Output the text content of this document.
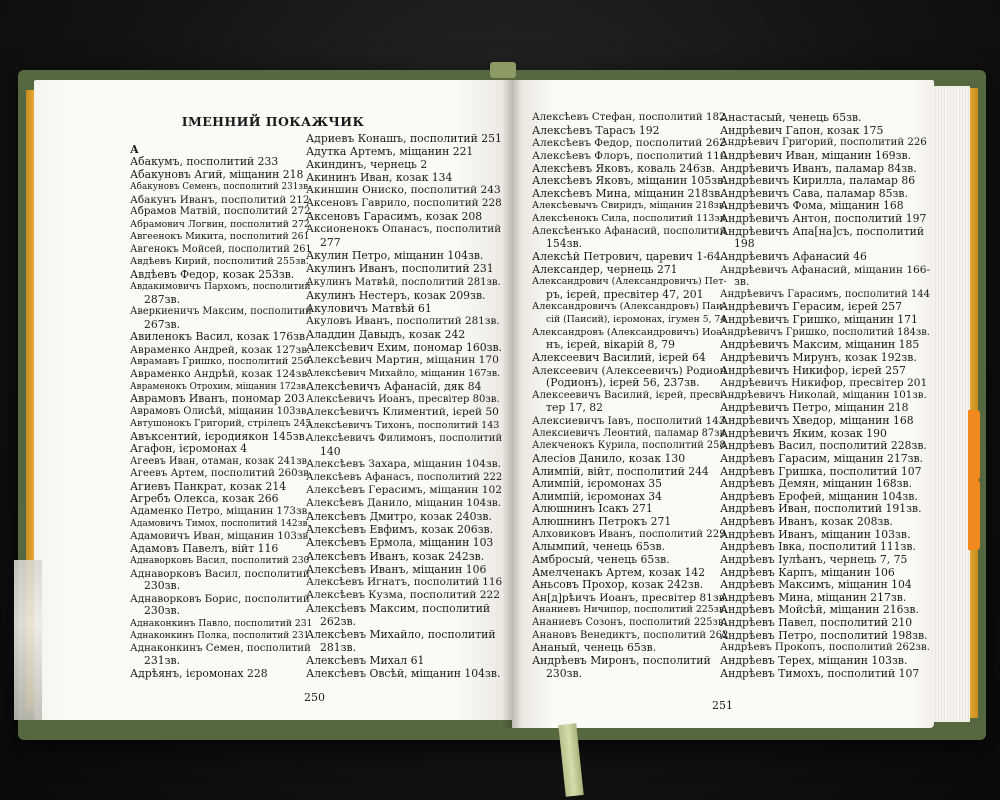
ІМЕННИЙ ПОКАЖЧИК
А
Абакумъ, посполитий 233
Абакуновъ Агий, міщанин 218
Абакуновъ Семенъ, посполитий 231зв.
Абакунъ Иванъ, посполитий 212
Абрамов Матвій, посполитий 272
Абрамович Логвин, посполитий 272
Авгеенокъ Микита, посполитий 261
Авгенокъ Мойсей, посполитий 261
Авдѣевъ Кирий, посполитий 255зв.
Авдѣевъ Федор, козак 253зв.
Авдакимовичъ Пархомъ, посполитий
287зв.
Аверкиеничъ Максим, посполитий
267зв.
Авиленокъ Васил, козак 176зв.
Авраменко Андрей, козак 127зв.
Аврамавъ Гришко, посполитий 256
Авраменко Андрѣй, козак 124зв.
Авраменокъ Отрохим, міщанин 172зв.
Аврамовъ Иванъ, пономар 203
Аврамовъ Олисѣй, міщанин 103зв.
Автушонокъ Григорий, стрілецъ 245
Авъксентий, ієродиякон 145зв.
Агафон, ієромонах 4
Агеевъ Иван, отаман, козак 241зв.
Агеевъ Артем, посполитий 260зв.
Агиевъ Панкрат, козак 214
Агребъ Олекса, козак 266
Адаменко Петро, міщанин 173зв.
Адамовичъ Тимох, посполитий 142зв.
Адамовичъ Иван, міщанин 103зв.
Адамовъ Павелъ, війт 116
Аднаворковъ Васил, посполитий 230
Аднаворковъ Васил, посполитий
230зв.
Аднаворковъ Борис, посполитий
230зв.
Аднаконкинъ Павло, посполитий 231
Аднаконкинъ Полка, посполитий 231
Аднаконкинъ Семен, посполитий
231зв.
Адрѣянъ, ієромонах 228
Адриевъ Конашъ, посполитий 251
Адутка Артемъ, міщанин 221
Акиндинъ, чернець 2
Акининъ Иван, козак 134
Акиншин Ониско, посполитий 243
Аксеновъ Гаврило, посполитий 228
Аксеновъ Гарасимъ, козак 208
Аксионенокъ Опанасъ, посполитий
277
Акулин Петро, міщанин 104зв.
Акулинъ Иванъ, посполитий 231
Акулинъ Матвѣй, посполитий 281зв.
Акулинъ Нестеръ, козак 209зв.
Акуловичъ Матвѣй 61
Акуловъ Иванъ, посполитий 281зв.
Аладдин Давыдъ, козак 242
Алексѣевич Ехим, пономар 160зв.
Алексѣевич Мартин, міщанин 170
Алексѣевич Михайло, міщанин 167зв.
Алексѣевичъ Афанасій, дяк 84
Алексѣевичъ Иоанъ, пресвітер 80зв.
Алексѣевичъ Климентий, ієрей 50
Алексѣевичъ Тихонъ, посполитий 143
Алексѣевичъ Филимонъ, посполитий
140
Алексѣевъ Захара, міщанин 104зв.
Алексѣевъ Афанасъ, посполитий 222
Алексѣевъ Герасимъ, міщанин 102
Алексѣевъ Данило, міщанин 104зв.
Алексѣевъ Дмитро, козак 240зв.
Алексѣевъ Евфимъ, козак 206зв.
Алексѣевъ Ермола, міщанин 103
Алексѣевъ Иванъ, козак 242зв.
Алексѣевъ Иванъ, міщанин 106
Алексѣевъ Игнатъ, посполитий 116
Алексѣевъ Кузма, посполитий 222
Алексѣевъ Максим, посполитий
262зв.
Алексѣевъ Михайло, посполитий
281зв.
Алексѣевъ Михал 61
Алексѣевъ Овсѣй, міщанин 104зв.
250
Алексѣевъ Стефан, посполитий 182
Алексѣевъ Тарасъ 192
Алексѣевъ Федор, посполитий 262
Алексѣевъ Флоръ, посполитий 110
Алексѣевъ Яковъ, коваль 246зв.
Алексѣевъ Яковъ, міщанин 105зв.
Алексѣевъ Мина, міщанин 218зв.
Алексѣевычъ Свиридъ, міщанин 218зв.
Алексѣенокъ Сила, посполитий 113зв.
Алексѣенъко Афанасий, посполитий
154зв.
Алексѣй Петрович, царевич 1-64
Александер, чернець 271
Александрович (Александровичъ) Пет-
ръ, ієрей, пресвітер 47, 201
Александровичъ (Александровъ) Паи-
сій (Паисий), ієромонах, ігумен 5, 74
Александровъ (Александровичъ) Иоа-
нъ, ієрей, вікарій 8, 79
Алексеевич Василий, ієрей 64
Алексеевич (Алексеевичъ) Родион
(Родионъ), ієрей 56, 237зв.
Алексеевичъ Василий, ієрей, пресві-
тер 17, 82
Алексиевичъ Іавъ, посполитий 143
Алексиевичъ Леонтий, паламар 87зв.
Алекченокъ Курила, посполитий 258
Алесіов Данило, козак 130
Алимпій, війт, посполитий 244
Алимпій, ієромонах 35
Алимпій, ієромонах 34
Алюшнинъ Ісакъ 271
Алюшнинъ Петрокъ 271
Алховиковъ Иванъ, посполитий 229
Алымпий, ченець 65зв.
Амбросый, ченець 65зв.
Амелченакъ Артем, козак 142
Аньсовъ Прохор, козак 242зв.
Ан[д]рѣичъ Иоанъ, пресвітер 81зв.
Ананиевъ Ничипор, посполитий 225зв.
Ананиевъ Созонъ, посполитий 225зв.
Анановъ Венедиктъ, посполитий 262
Ананый, ченець 65зв.
Андрѣевъ Миронъ, посполитий
230зв.
Анастасый, ченець 65зв.
Андрѣевич Гапон, козак 175
Андрѣевич Григорий, посполитий 226
Андрѣевич Иван, міщанин 169зв.
Андрѣевичъ Иванъ, паламар 84зв.
Андрѣевичъ Кирилла, паламар 86
Андрѣевичъ Сава, паламар 85зв.
Андрѣевичъ Фома, міщанин 168
Андрѣевичъ Антон, посполитий 197
Андрѣевичъ Апа[на]съ, посполитий
198
Андрѣевичъ Афанасий 46
Андрѣевичъ Афанасий, міщанин 166-
зв.
Андрѣевичъ Гарасимъ, посполитий 144
Андрѣевичъ Герасим, ієрей 257
Андрѣевичъ Гришко, міщанин 171
Андрѣевичъ Гришко, посполитий 184зв.
Андрѣевичъ Максим, міщанин 185
Андрѣевичъ Мирунъ, козак 192зв.
Андрѣевичъ Никифор, ієрей 257
Андрѣевичъ Никифор, пресвітер 201
Андрѣевичъ Николай, міщанин 101зв.
Андрѣевичъ Петро, міщанин 218
Андрѣевичъ Хведор, міщанин 168
Андрѣевичъ Яким, козак 190
Андрѣевъ Васил, посполитий 228зв.
Андрѣевъ Гарасим, міщанин 217зв.
Андрѣевъ Гришка, посполитий 107
Андрѣевъ Демян, міщанин 168зв.
Андрѣевъ Ерофей, міщанин 104зв.
Андрѣевъ Иван, посполитий 191зв.
Андрѣевъ Иванъ, козак 208зв.
Андрѣевъ Иванъ, міщанин 103зв.
Андрѣевъ Івка, посполитий 111зв.
Андрѣевъ Iулѣанъ, чернець 7, 75
Андрѣевъ Карпъ, міщанин 106
Андрѣевъ Максимъ, міщанин 104
Андрѣевъ Мина, міщанин 217зв.
Андрѣевъ Мойсѣй, міщанин 216зв.
Андрѣевъ Павел, посполитий 210
Андрѣевъ Петро, посполитий 198зв.
Андрѣевъ Прокопъ, посполитий 262зв.
Андрѣевъ Терех, міщанин 103зв.
Андрѣевъ Тимохъ, посполитий 107
251
